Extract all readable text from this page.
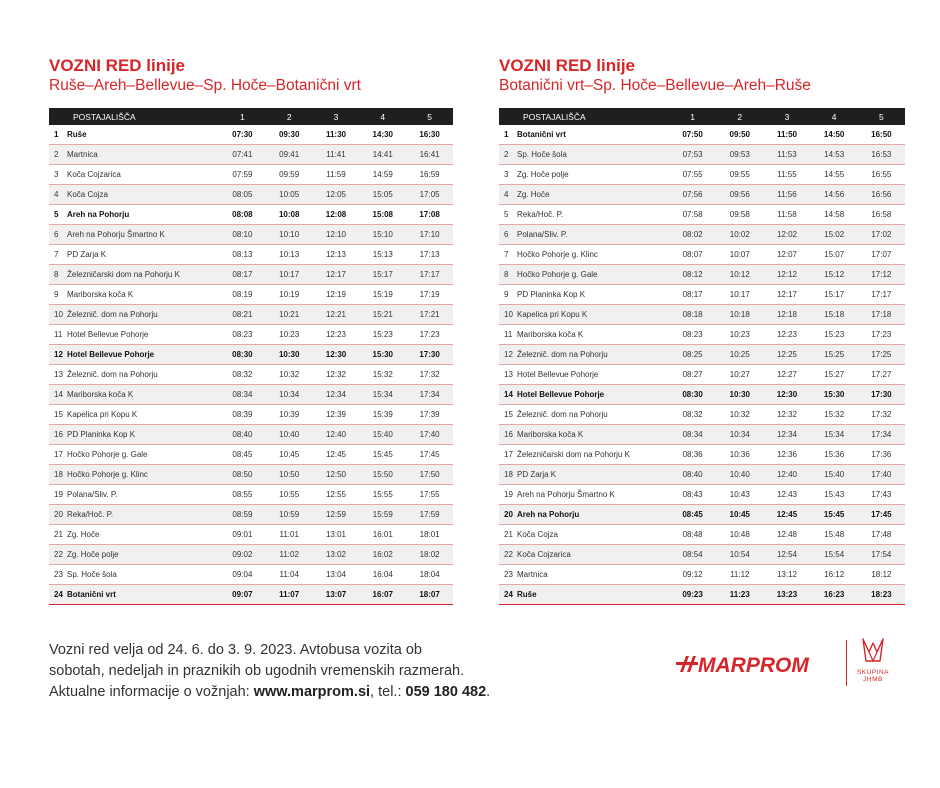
VOZNI RED linije
Ruše–Areh–Bellevue–Sp. Hoče–Botanični vrt
	POSTAJALIŠČA	1	2	3	4	5
1	Ruše	07:30	09:30	11:30	14:30	16:30
2	Martnica	07:41	09:41	11:41	14:41	16:41
3	Koča Cojzarica	07:59	09:59	11:59	14:59	16:59
4	Koča Cojza	08:05	10:05	12:05	15:05	17:05
5	Areh na Pohorju	08:08	10:08	12:08	15:08	17:08
6	Areh na Pohorju Šmartno K	08:10	10:10	12:10	15:10	17:10
7	PD Zarja K	08:13	10:13	12:13	15:13	17:13
8	Železničarski dom na Pohorju K	08:17	10:17	12:17	15:17	17:17
9	Mariborska koča K	08:19	10:19	12:19	15:19	17:19
10	Železnič. dom na Pohorju	08:21	10:21	12:21	15:21	17:21
11	Hotel Bellevue Pohorje	08:23	10:23	12:23	15:23	17:23
12	Hotel Bellevue Pohorje	08:30	10:30	12:30	15:30	17:30
13	Železnič. dom na Pohorju	08:32	10:32	12:32	15:32	17:32
14	Mariborska koča K	08:34	10:34	12:34	15:34	17:34
15	Kapelica pri Kopu K	08:39	10:39	12:39	15:39	17:39
16	PD Planinka Kop K	08:40	10:40	12:40	15:40	17:40
17	Hočko Pohorje g. Gale	08:45	10:45	12:45	15:45	17:45
18	Hočko Pohorje g. Klinc	08:50	10:50	12:50	15:50	17:50
19	Polana/Sliv. P.	08:55	10:55	12:55	15:55	17:55
20	Reka/Hoč. P.	08:59	10:59	12:59	15:59	17:59
21	Zg. Hoče	09:01	11:01	13:01	16:01	18:01
22	Zg. Hoče polje	09:02	11:02	13:02	16:02	18:02
23	Sp. Hoče šola	09:04	11:04	13:04	16:04	18:04
24	Botanični vrt	09:07	11:07	13:07	16:07	18:07
VOZNI RED linije
Botanični vrt–Sp. Hoče–Bellevue–Areh–Ruše
	POSTAJALIŠČA	1	2	3	4	5
1	Botanični vrt	07:50	09:50	11:50	14:50	16:50
2	Sp. Hoče šola	07:53	09:53	11:53	14:53	16:53
3	Zg. Hoče polje	07:55	09:55	11:55	14:55	16:55
4	Zg. Hoče	07:56	09:56	11:56	14:56	16:56
5	Reka/Hoč. P.	07:58	09:58	11:58	14:58	16:58
6	Polana/Sliv. P.	08:02	10:02	12:02	15:02	17:02
7	Hočko Pohorje g. Klinc	08:07	10:07	12:07	15:07	17:07
8	Hočko Pohorje g. Gale	08:12	10:12	12:12	15:12	17:12
9	PD Planinka Kop K	08:17	10:17	12:17	15:17	17:17
10	Kapelica pri Kopu K	08:18	10:18	12:18	15:18	17:18
11	Mariborska koča K	08:23	10:23	12:23	15:23	17:23
12	Železnič. dom na Pohorju	08:25	10:25	12:25	15:25	17:25
13	Hotel Bellevue Pohorje	08:27	10:27	12:27	15:27	17:27
14	Hotel Bellevue Pohorje	08:30	10:30	12:30	15:30	17:30
15	Železnič. dom na Pohorju	08:32	10:32	12:32	15:32	17:32
16	Mariborska koča K	08:34	10:34	12:34	15:34	17:34
17	Železničarski dom na Pohorju K	08:36	10:36	12:36	15:36	17:36
18	PD Zarja K	08:40	10:40	12:40	15:40	17:40
19	Areh na Pohorju Šmartno K	08:43	10:43	12:43	15:43	17:43
20	Areh na Pohorju	08:45	10:45	12:45	15:45	17:45
21	Koča Cojza	08:48	10:48	12:48	15:48	17:48
22	Koča Cojzarica	08:54	10:54	12:54	15:54	17:54
23	Martnica	09:12	11:12	13:12	16:12	18:12
24	Ruše	09:23	11:23	13:23	16:23	18:23
Vozni red velja od 24. 6. do 3. 9. 2023. Avtobusa vozita ob
sobotah, nedeljah in praznikih ob ugodnih vremenskih razmerah.
Aktualne informacije o vožnjah: www.marprom.si, tel.: 059 180 482.
MARPROM	SKUPINA
JHMB
